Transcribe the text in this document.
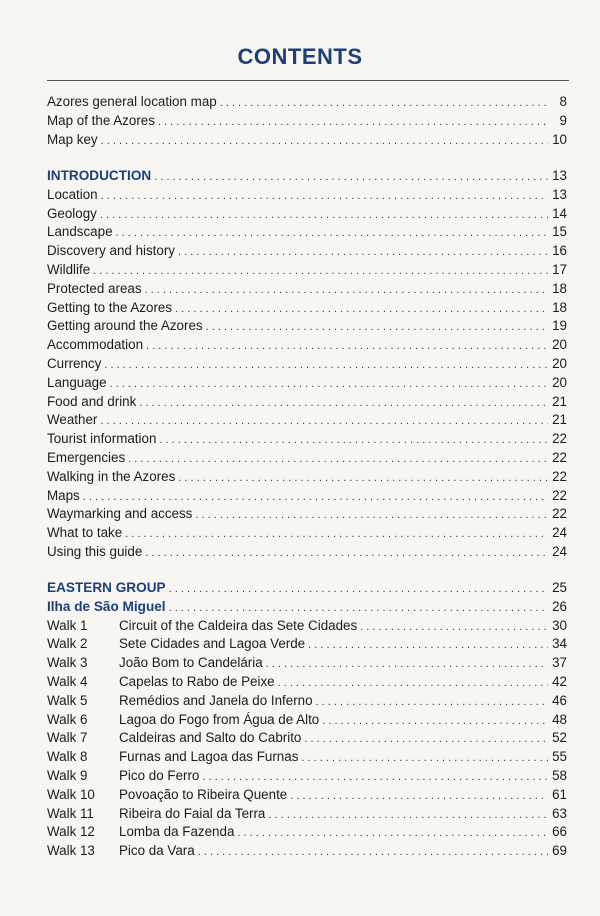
CONTENTS
Azores general location map . . .	8
Map of the Azores . . .	9
Map key . . .	10
INTRODUCTION . . .	13
Location . . .	13
Geology . . .	14
Landscape . . .	15
Discovery and history . . .	16
Wildlife . . .	17
Protected areas . . .	18
Getting to the Azores . . .	18
Getting around the Azores . . .	19
Accommodation . . .	20
Currency . . .	20
Language . . .	20
Food and drink . . .	21
Weather . . .	21
Tourist information . . .	22
Emergencies . . .	22
Walking in the Azores . . .	22
Maps . . .	22
Waymarking and access . . .	22
What to take . . .	24
Using this guide . . .	24
EASTERN GROUP . . .	25
Ilha de São Miguel . . .	26
Walk 1 Circuit of the Caldeira das Sete Cidades . . .	30
Walk 2 Sete Cidades and Lagoa Verde . . .	34
Walk 3 João Bom to Candelária . . .	37
Walk 4 Capelas to Rabo de Peixe . . .	42
Walk 5 Remédios and Janela do Inferno . . .	46
Walk 6 Lagoa do Fogo from Água de Alto . . .	48
Walk 7 Caldeiras and Salto do Cabrito . . .	52
Walk 8 Furnas and Lagoa das Furnas . . .	55
Walk 9 Pico do Ferro . . .	58
Walk 10 Povoação to Ribeira Quente . . .	61
Walk 11 Ribeira do Faial da Terra . . .	63
Walk 12 Lomba da Fazenda . . .	66
Walk 13 Pico da Vara . . .	69
